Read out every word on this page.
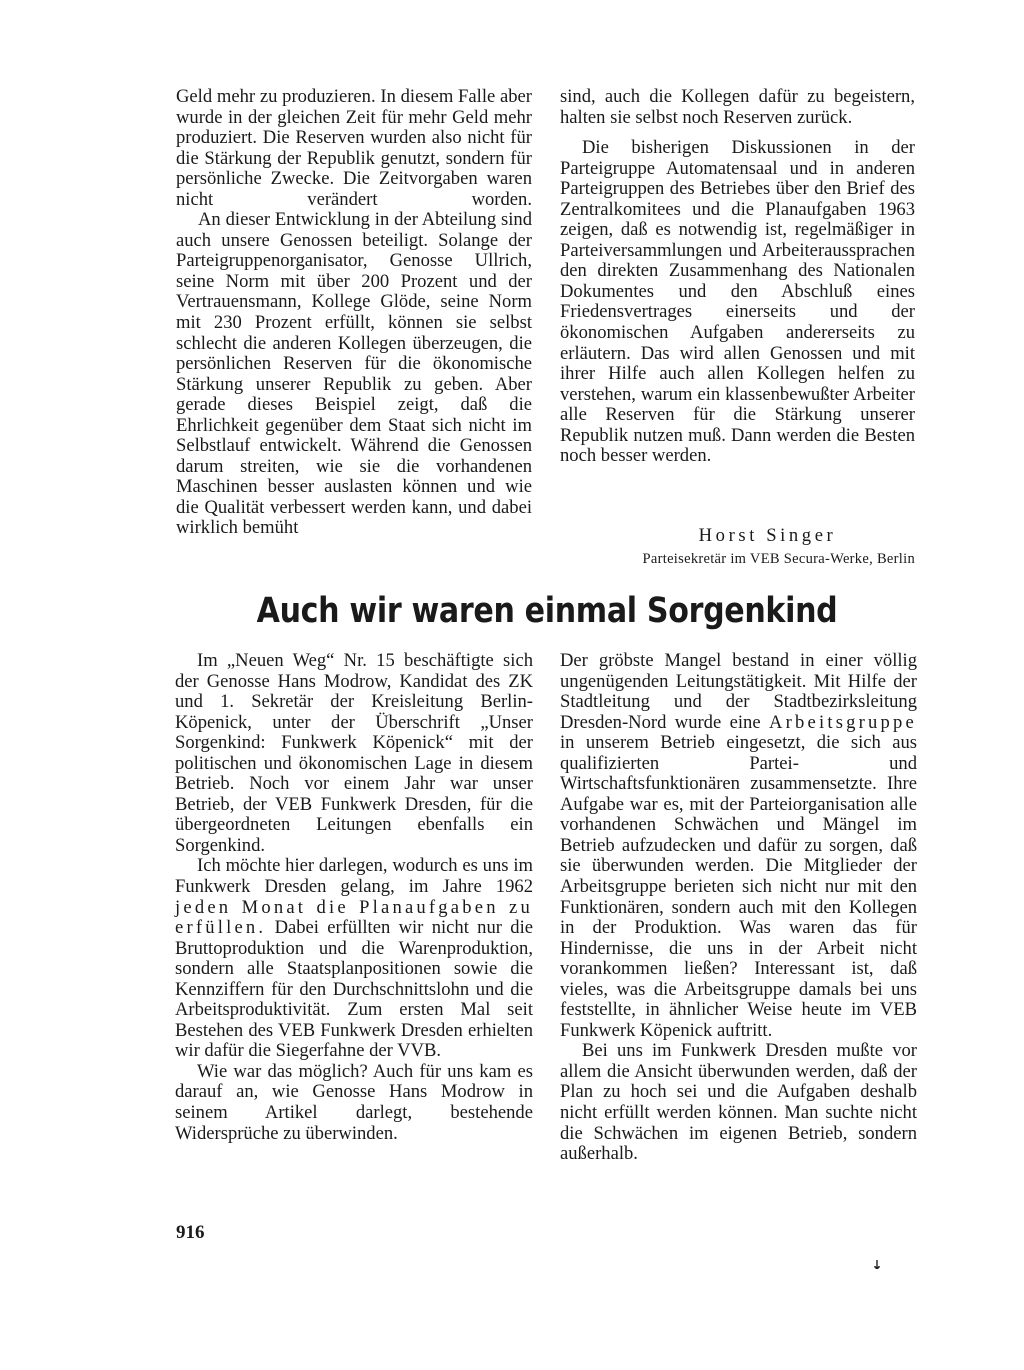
Geld mehr zu produzieren. In diesem Falle aber wurde in der gleichen Zeit für mehr Geld mehr produziert. Die Reserven wurden also nicht für die Stärkung der Republik genutzt, sondern für persönliche Zwecke. Die Zeitvorgaben waren nicht verändert worden.

An dieser Entwicklung in der Abteilung sind auch unsere Genossen beteiligt. Solange der Parteigruppenorganisator, Genosse Ullrich, seine Norm mit über 200 Prozent und der Vertrauensmann, Kollege Glöde, seine Norm mit 230 Prozent erfüllt, können sie selbst schlecht die anderen Kollegen überzeugen, die persönlichen Reserven für die ökonomische Stärkung unserer Republik zu geben. Aber gerade dieses Beispiel zeigt, daß die Ehrlichkeit gegenüber dem Staat sich nicht im Selbstlauf entwickelt. Während die Genossen darum streiten, wie sie die vorhandenen Maschinen besser auslasten können und wie die Qualität verbessert werden kann, und dabei wirklich bemüht

sind, auch die Kollegen dafür zu begeistern, halten sie selbst noch Reserven zurück.

Die bisherigen Diskussionen in der Parteigruppe Automatensaal und in anderen Parteigruppen des Betriebes über den Brief des Zentralkomitees und die Planaufgaben 1963 zeigen, daß es notwendig ist, regelmäßiger in Parteiversammlungen und Arbeiteraussprachen den direkten Zusammenhang des Nationalen Dokumentes und den Abschluß eines Friedensvertrages einerseits und der ökonomischen Aufgaben andererseits zu erläutern. Das wird allen Genossen und mit ihrer Hilfe auch allen Kollegen helfen zu verstehen, warum ein klassenbewußter Arbeiter alle Reserven für die Stärkung unserer Republik nutzen muß. Dann werden die Besten noch besser werden.

Horst Singer
Parteisekretär im VEB Secura-Werke, Berlin
Auch wir waren einmal Sorgenkind

Im „Neuen Weg“ Nr. 15 beschäftigte sich der Genosse Hans Modrow, Kandidat des ZK und 1. Sekretär der Kreisleitung Berlin-Köpenick, unter der Überschrift „Unser Sorgenkind: Funkwerk Köpenick“ mit der politischen und ökonomischen Lage in diesem Betrieb. Noch vor einem Jahr war unser Betrieb, der VEB Funkwerk Dresden, für die übergeordneten Leitungen ebenfalls ein Sorgenkind.

Ich möchte hier darlegen, wodurch es uns im Funkwerk Dresden gelang, im Jahre 1962 jeden Monat die Planaufgaben zu erfüllen. Dabei erfüllten wir nicht nur die Bruttoproduktion und die Warenproduktion, sondern alle Staatsplanpositionen sowie die Kennziffern für den Durchschnittslohn und die Arbeitsproduktivität. Zum ersten Mal seit Bestehen des VEB Funkwerk Dresden erhielten wir dafür die Siegerfahne der VVB.

Wie war das möglich? Auch für uns kam es darauf an, wie Genosse Hans Modrow in seinem Artikel darlegt, bestehende Widersprüche zu überwinden.

Der gröbste Mangel bestand in einer völlig ungenügenden Leitungstätigkeit. Mit Hilfe der Stadtleitung und der Stadtbezirksleitung Dresden-Nord wurde eine Arbeitsgruppe in unserem Betrieb eingesetzt, die sich aus qualifizierten Partei- und Wirtschaftsfunktionären zusammensetzte. Ihre Aufgabe war es, mit der Parteiorganisation alle vorhandenen Schwächen und Mängel im Betrieb aufzudecken und dafür zu sorgen, daß sie überwunden werden. Die Mitglieder der Arbeitsgruppe berieten sich nicht nur mit den Funktionären, sondern auch mit den Kollegen in der Produktion. Was waren das für Hindernisse, die uns in der Arbeit nicht vorankommen ließen? Interessant ist, daß vieles, was die Arbeitsgruppe damals bei uns feststellte, in ähnlicher Weise heute im VEB Funkwerk Köpenick auftritt.

Bei uns im Funkwerk Dresden mußte vor allem die Ansicht überwunden werden, daß der Plan zu hoch sei und die Aufgaben deshalb nicht erfüllt werden können. Man suchte nicht die Schwächen im eigenen Betrieb, sondern außerhalb.

916
